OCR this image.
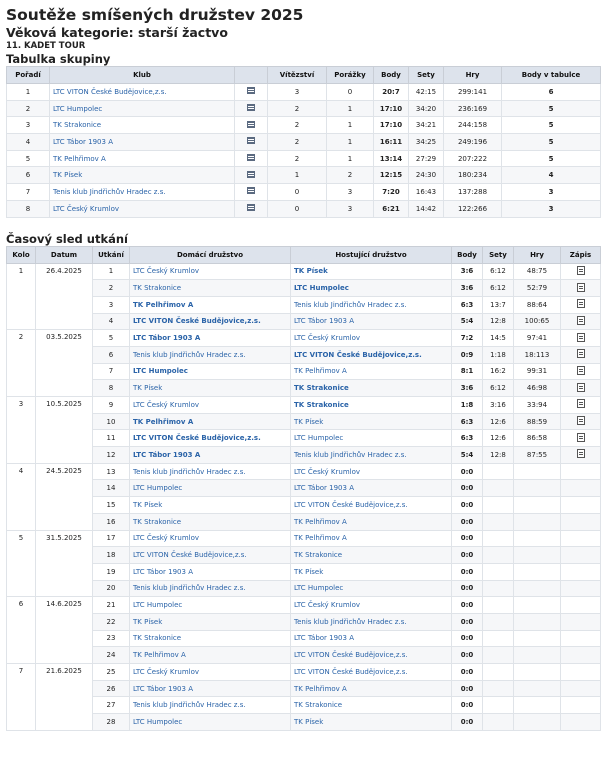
Soutěže smíšených družstev 2025
Věková kategorie: starší žactvo
11. KADET TOUR
Tabulka skupiny
Pořadí	Klub		Vítězství	Porážky	Body	Sety	Hry	Body v tabulce
1	LTC VITON České Budějovice,z.s.		3	0	20:7	42:15	299:141	6
2	LTC Humpolec		2	1	17:10	34:20	236:169	5
3	TK Strakonice		2	1	17:10	34:21	244:158	5
4	LTC Tábor 1903 A		2	1	16:11	34:25	249:196	5
5	TK Pelhřimov A		2	1	13:14	27:29	207:222	5
6	TK Písek		1	2	12:15	24:30	180:234	4
7	Tenis klub Jindřichův Hradec z.s.		0	3	7:20	16:43	137:288	3
8	LTC Český Krumlov		0	3	6:21	14:42	122:266	3
Časový sled utkání
Kolo	Datum	Utkání	Domácí družstvo	Hostující družstvo	Body	Sety	Hry	Zápis
1	26.4.2025	1	LTC Český Krumlov	TK Písek	3:6	6:12	48:75	
		2	TK Strakonice	LTC Humpolec	3:6	6:12	52:79	
		3	TK Pelhřimov A	Tenis klub Jindřichův Hradec z.s.	6:3	13:7	88:64	
		4	LTC VITON České Budějovice,z.s.	LTC Tábor 1903 A	5:4	12:8	100:65	
2	03.5.2025	5	LTC Tábor 1903 A	LTC Český Krumlov	7:2	14:5	97:41	
		6	Tenis klub Jindřichův Hradec z.s.	LTC VITON České Budějovice,z.s.	0:9	1:18	18:113	
		7	LTC Humpolec	TK Pelhřimov A	8:1	16:2	99:31	
		8	TK Písek	TK Strakonice	3:6	6:12	46:98	
3	10.5.2025	9	LTC Český Krumlov	TK Strakonice	1:8	3:16	33:94	
		10	TK Pelhřimov A	TK Písek	6:3	12:6	88:59	
		11	LTC VITON České Budějovice,z.s.	LTC Humpolec	6:3	12:6	86:58	
		12	LTC Tábor 1903 A	Tenis klub Jindřichův Hradec z.s.	5:4	12:8	87:55	
4	24.5.2025	13	Tenis klub Jindřichův Hradec z.s.	LTC Český Krumlov	0:0			
		14	LTC Humpolec	LTC Tábor 1903 A	0:0			
		15	TK Písek	LTC VITON České Budějovice,z.s.	0:0			
		16	TK Strakonice	TK Pelhřimov A	0:0			
5	31.5.2025	17	LTC Český Krumlov	TK Pelhřimov A	0:0			
		18	LTC VITON České Budějovice,z.s.	TK Strakonice	0:0			
		19	LTC Tábor 1903 A	TK Písek	0:0			
		20	Tenis klub Jindřichův Hradec z.s.	LTC Humpolec	0:0			
6	14.6.2025	21	LTC Humpolec	LTC Český Krumlov	0:0			
		22	TK Písek	Tenis klub Jindřichův Hradec z.s.	0:0			
		23	TK Strakonice	LTC Tábor 1903 A	0:0			
		24	TK Pelhřimov A	LTC VITON České Budějovice,z.s.	0:0			
7	21.6.2025	25	LTC Český Krumlov	LTC VITON České Budějovice,z.s.	0:0			
		26	LTC Tábor 1903 A	TK Pelhřimov A	0:0			
		27	Tenis klub Jindřichův Hradec z.s.	TK Strakonice	0:0			
		28	LTC Humpolec	TK Písek	0:0			
